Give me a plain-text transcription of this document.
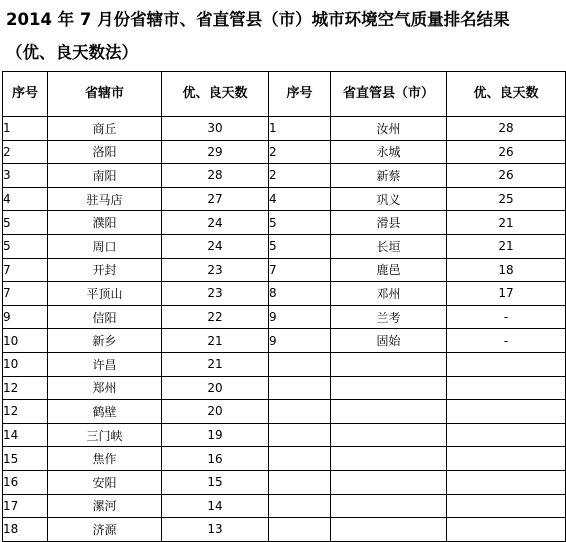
2014 年 7 月份省辖市、省直管县（市）城市环境空气质量排名结果
（优、良天数法）
序号	省辖市	优、良天数	序号	省直管县（市）	优、良天数
1	商丘	30	1	汝州	28
2	洛阳	29	2	永城	26
3	南阳	28	2	新蔡	26
4	驻马店	27	4	巩义	25
5	濮阳	24	5	滑县	21
5	周口	24	5	长垣	21
7	开封	23	7	鹿邑	18
7	平顶山	23	8	邓州	17
9	信阳	22	9	兰考	-
10	新乡	21	9	固始	-
10	许昌	21			
12	郑州	20			
12	鹤壁	20			
14	三门峡	19			
15	焦作	16			
16	安阳	15			
17	漯河	14			
18	济源	13			
